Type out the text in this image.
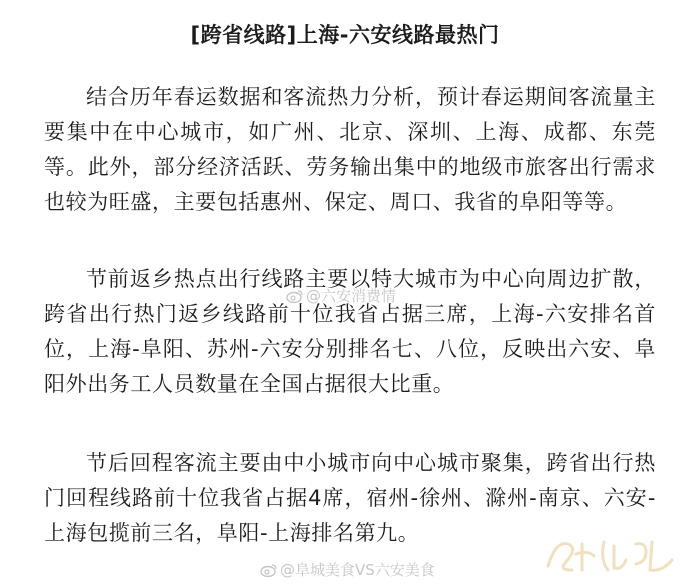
[跨省线路]上海-六安线路最热门

结合历年春运数据和客流热力分析，预计春运期间客流量主要集中在中心城市，如广州、北京、深圳、上海、成都、东莞等。此外，部分经济活跃、劳务输出集中的地级市旅客出行需求也较为旺盛，主要包括惠州、保定、周口、我省的阜阳等等。

节前返乡热点出行线路主要以特大城市为中心向周边扩散，跨省出行热门返乡线路前十位我省占据三席，上海-六安排名首位，上海-阜阳、苏州-六安分别排名七、八位，反映出六安、阜阳外出务工人员数量在全国占据很大比重。

节后回程客流主要由中小城市向中心城市聚集，跨省出行热门回程线路前十位我省占据4席，宿州-徐州、滁州-南京、六安-上海包揽前三名，阜阳-上海排名第九。

@六安消费情
@阜城美食VS六安美食
